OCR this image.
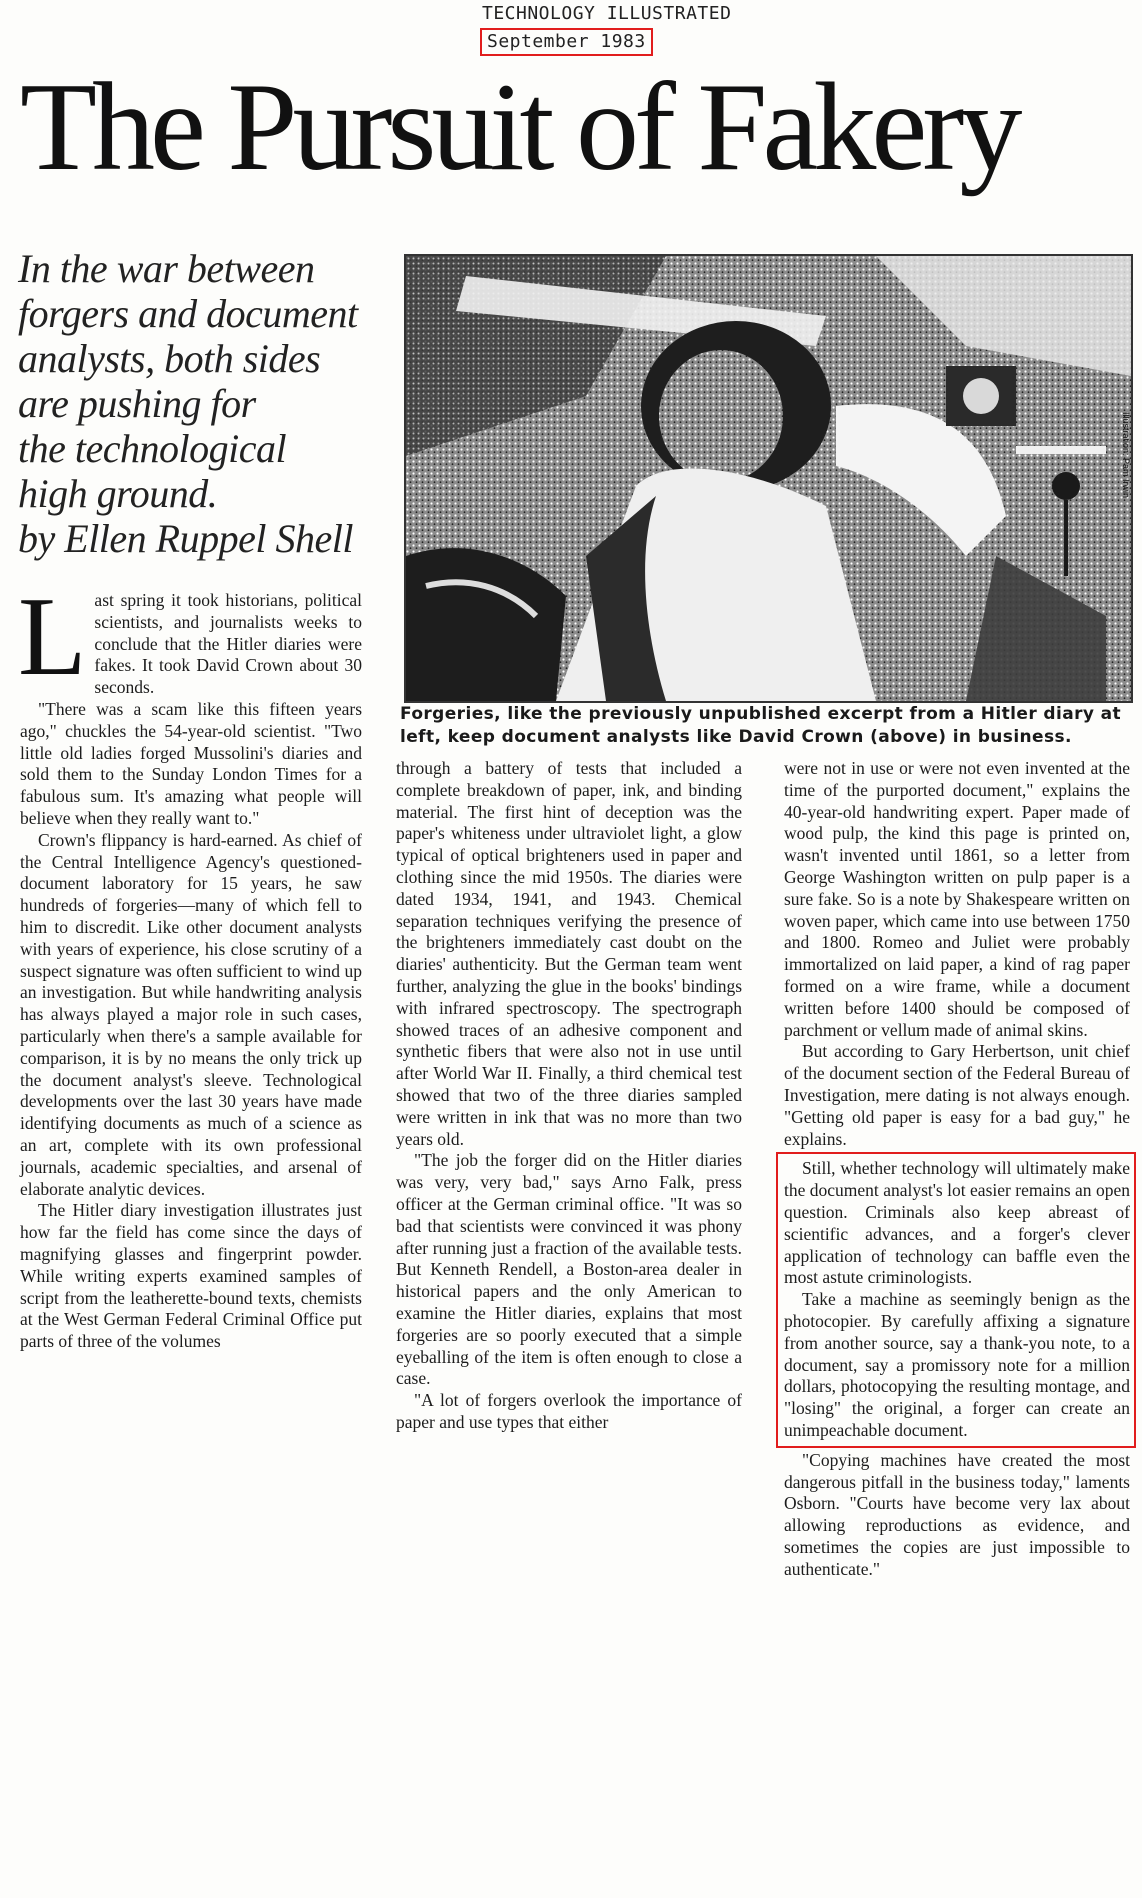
TECHNOLOGY ILLUSTRATED
September 1983
The Pursuit of Fakery

In the war between

forgers and document

analysts, both sides

are pushing for

the technological

high ground.

by Ellen Ruppel Shell

Illustration: Pam Irwin
Forgeries, like the previously unpublished excerpt from a Hitler diary at left, keep document analysts like David Crown (above) in business.
L ast spring it took historians, political scientists, and journalists weeks to conclude that the Hitler diaries were fakes. It took David Crown about 30 seconds.

"There was a scam like this fifteen years ago," chuckles the 54-year-old scientist. "Two little old ladies forged Mussolini's diaries and sold them to the Sunday London Times for a fabulous sum. It's amazing what people will believe when they really want to."

Crown's flippancy is hard-earned. As chief of the Central Intelligence Agency's questioned-document laboratory for 15 years, he saw hundreds of forgeries—many of which fell to him to discredit. Like other document analysts with years of experience, his close scrutiny of a suspect signature was often sufficient to wind up an investigation. But while handwriting analysis has always played a major role in such cases, particularly when there's a sample available for comparison, it is by no means the only trick up the document analyst's sleeve. Technological developments over the last 30 years have made identifying documents as much of a science as an art, complete with its own professional journals, academic specialties, and arsenal of elaborate analytic devices.

The Hitler diary investigation illustrates just how far the field has come since the days of magnifying glasses and fingerprint powder. While writing experts examined samples of script from the leatherette-bound texts, chemists at the West German Federal Criminal Office put parts of three of the volumes

through a battery of tests that included a complete breakdown of paper, ink, and binding material. The first hint of deception was the paper's whiteness under ultraviolet light, a glow typical of optical brighteners used in paper and clothing since the mid 1950s. The diaries were dated 1934, 1941, and 1943. Chemical separation techniques verifying the presence of the brighteners immediately cast doubt on the diaries' authenticity. But the German team went further, analyzing the glue in the books' bindings with infrared spectroscopy. The spectrograph showed traces of an adhesive component and synthetic fibers that were also not in use until after World War II. Finally, a third chemical test showed that two of the three diaries sampled were written in ink that was no more than two years old.

"The job the forger did on the Hitler diaries was very, very bad," says Arno Falk, press officer at the German criminal office. "It was so bad that scientists were convinced it was phony after running just a fraction of the available tests. But Kenneth Rendell, a Boston-area dealer in historical papers and the only American to examine the Hitler diaries, explains that most forgeries are so poorly executed that a simple eyeballing of the item is often enough to close a case.

"A lot of forgers overlook the importance of paper and use types that either

were not in use or were not even invented at the time of the purported document," explains the 40-year-old handwriting expert. Paper made of wood pulp, the kind this page is printed on, wasn't invented until 1861, so a letter from George Washington written on pulp paper is a sure fake. So is a note by Shakespeare written on woven paper, which came into use between 1750 and 1800. Romeo and Juliet were probably immortalized on laid paper, a kind of rag paper formed on a wire frame, while a document written before 1400 should be composed of parchment or vellum made of animal skins.

But according to Gary Herbertson, unit chief of the document section of the Federal Bureau of Investigation, mere dating is not always enough. "Getting old paper is easy for a bad guy," he explains.

Still, whether technology will ultimately make the document analyst's lot easier remains an open question. Criminals also keep abreast of scientific advances, and a forger's clever application of technology can baffle even the most astute criminologists.

Take a machine as seemingly benign as the photocopier. By carefully affixing a signature from another source, say a thank-you note, to a document, say a promissory note for a million dollars, photocopying the resulting montage, and "losing" the original, a forger can create an unimpeachable document.

"Copying machines have created the most dangerous pitfall in the business today," laments Osborn. "Courts have become very lax about allowing reproductions as evidence, and sometimes the copies are just impossible to authenticate."
